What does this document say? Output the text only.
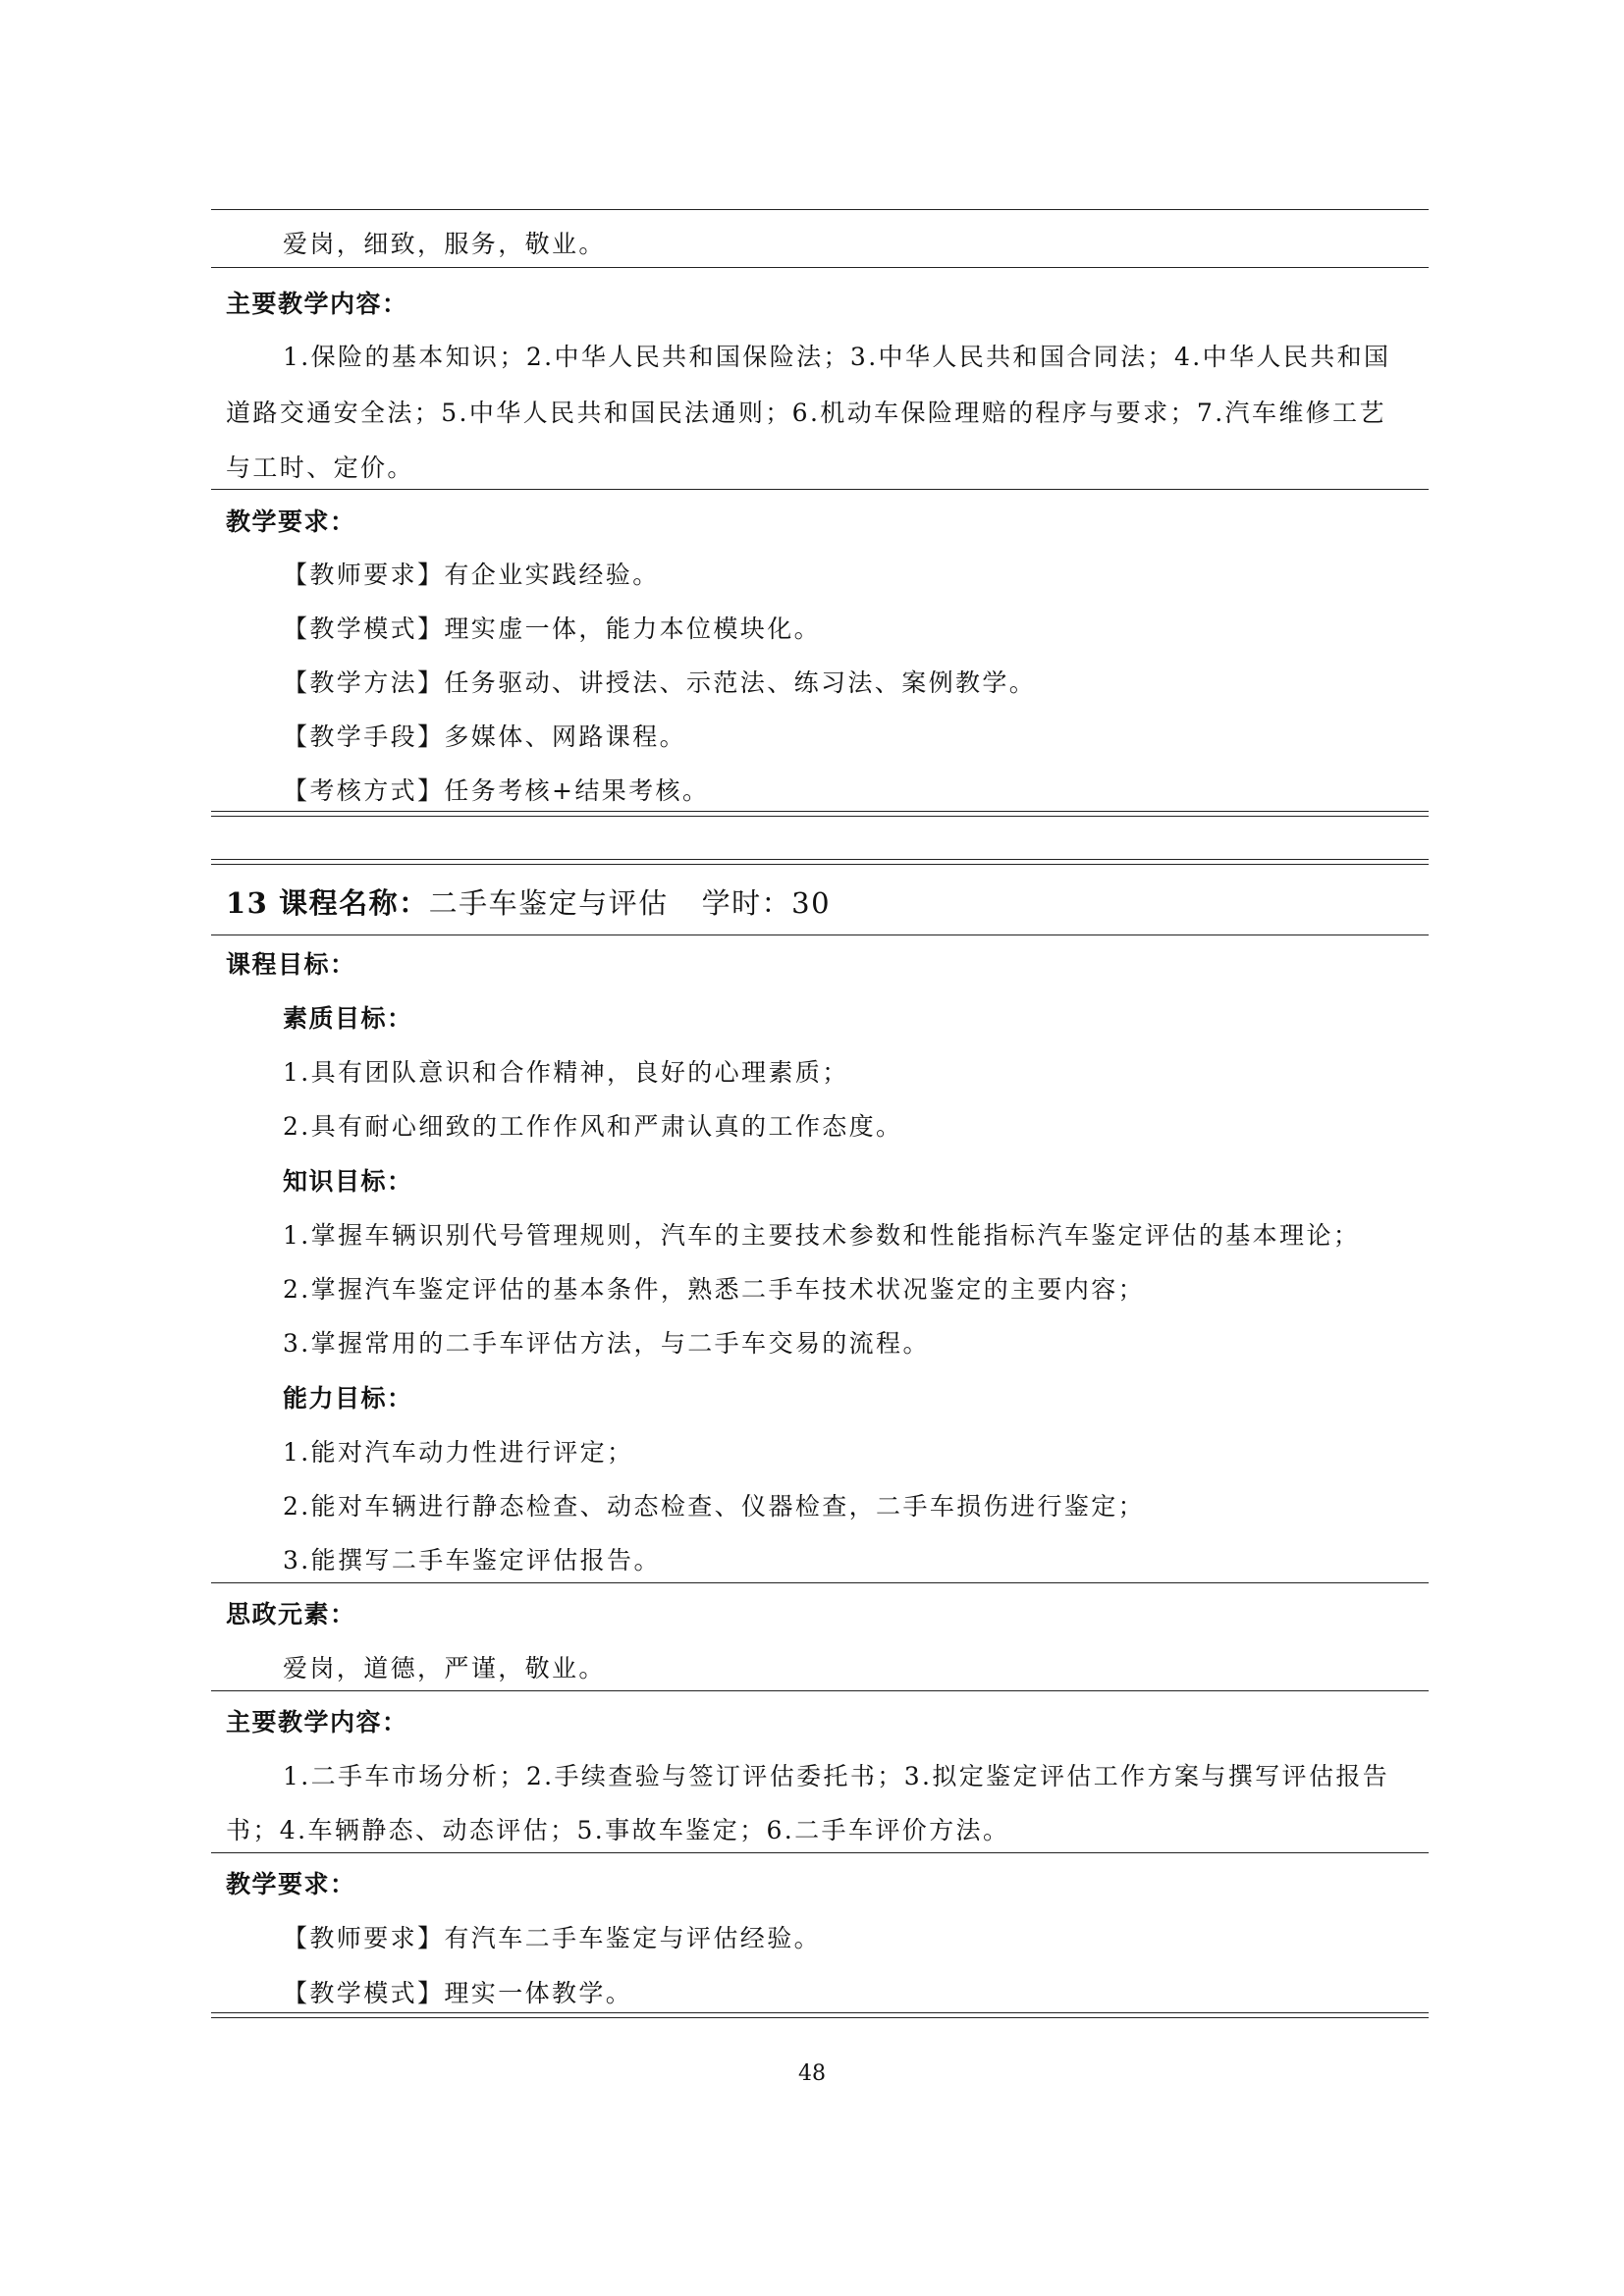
爱岗，细致，服务，敬业。
主要教学内容：
1.保险的基本知识；2.中华人民共和国保险法；3.中华人民共和国合同法；4.中华人民共和国
道路交通安全法；5.中华人民共和国民法通则；6.机动车保险理赔的程序与要求；7.汽车维修工艺
与工时、定价。
教学要求：
【教师要求】有企业实践经验。
【教学模式】理实虚一体，能力本位模块化。
【教学方法】任务驱动、讲授法、示范法、练习法、案例教学。
【教学手段】多媒体、网路课程。
【考核方式】任务考核+结果考核。
13 课程名称：二手车鉴定与评估 学时：30
课程目标：
素质目标：
1.具有团队意识和合作精神，良好的心理素质；
2.具有耐心细致的工作作风和严肃认真的工作态度。
知识目标：
1.掌握车辆识别代号管理规则，汽车的主要技术参数和性能指标汽车鉴定评估的基本理论；
2.掌握汽车鉴定评估的基本条件，熟悉二手车技术状况鉴定的主要内容；
3.掌握常用的二手车评估方法，与二手车交易的流程。
能力目标：
1.能对汽车动力性进行评定；
2.能对车辆进行静态检查、动态检查、仪器检查，二手车损伤进行鉴定；
3.能撰写二手车鉴定评估报告。
思政元素：
爱岗，道德，严谨，敬业。
主要教学内容：
1.二手车市场分析；2.手续查验与签订评估委托书；3.拟定鉴定评估工作方案与撰写评估报告
书；4.车辆静态、动态评估；5.事故车鉴定；6.二手车评价方法。
教学要求：
【教师要求】有汽车二手车鉴定与评估经验。
【教学模式】理实一体教学。
48
